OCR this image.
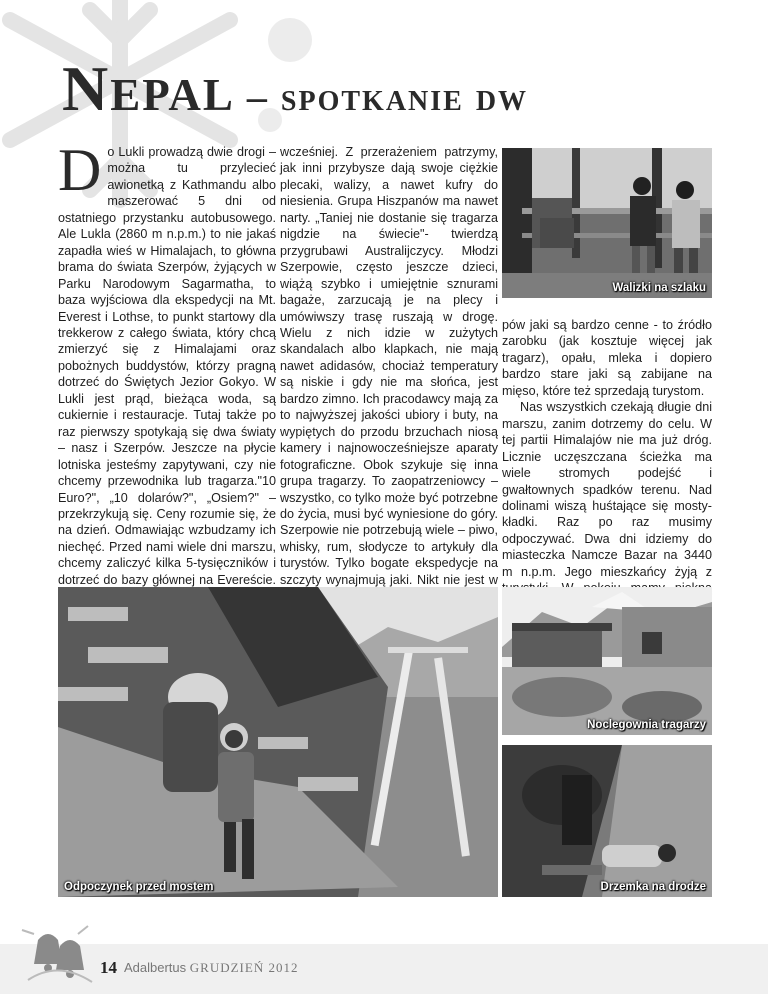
Nepal – spotkanie dw

Do Lukli prowadzą dwie drogi – można tu przylecieć awionetką z Kathmandu albo maszerować 5 dni od ostatniego przystanku autobusowego. Ale Lukla (2860 m n.p.m.) to nie jakaś zapadła wieś w Himalajach, to główna brama do świata Szerpów, żyjących w Parku Narodowym Sagarmatha, to baza wyjściowa dla ekspedycji na Mt. Everest i Lothse, to punkt startowy dla trekkerow z całego świata, który chcą zmierzyć się z Himalajami oraz pobożnych buddystów, którzy pragną dotrzeć do Świętych Jezior Gokyo. W Lukli jest prąd, bieżąca woda, są cukiernie i restauracje. Tutaj także po raz pierwszy spotykają się dwa światy – nasz i Szerpów. Jeszcze na płycie lotniska jesteśmy zapytywani, czy nie chcemy przewodnika lub tragarza."10 Euro?", „10 dolarów?", „Osiem?" – przekrzykują się. Ceny rozumie się, że na dzień. Odmawiając wzbudzamy ich niechęć. Przed nami wiele dni marszu, chcemy zaliczyć kilka 5-tysięczników i dotrzeć do bazy głównej na Evereście.

wcześniej. Z przerażeniem patrzymy, jak inni przybysze dają swoje ciężkie plecaki, walizy, a nawet kufry do niesienia. Grupa Hiszpanów ma nawet narty. „Taniej nie dostanie się tragarza nigdzie na świecie"- twierdzą przygrubawi Australijczycy. Młodzi Szerpowie, często jeszcze dzieci, wiążą szybko i umiejętnie sznurami bagaże, zarzucają je na plecy i umówiwszy trasę ruszają w drogę. Wielu z nich idzie w zużytych skandalach albo klapkach, nie mają nawet adidasów, chociaż temperatury są niskie i gdy nie ma słońca, jest bardzo zimno. Ich pracodawcy mają za to najwyższej jakości ubiory i buty, na wypiętych do przodu brzuchach niosą kamery i najnowocześniejsze aparaty fotograficzne. Obok szykuje się inna grupa tragarzy. To zaopatrzeniowcy – wszystko, co tylko może być potrzebne do życia, musi być wyniesione do góry. Szerpowie nie potrzebują wiele – piwo, whisky, rum, słodycze to artykuły dla turystów. Tylko bogate ekspedycje na szczyty wynajmują jaki. Nikt nie jest w

pów jaki są bardzo cenne - to źródło zarobku (jak kosztuje więcej jak tragarz), opału, mleka i dopiero bardzo stare jaki są zabijane na mięso, które też sprzedają turystom.

Nas wszystkich czekają długie dni marszu, zanim dotrzemy do celu. W tej partii Himalajów nie ma już dróg. Licznie uczęszczana ścieżka ma wiele stromych podejść i gwałtownych spadków terenu. Nad dolinami wiszą huśtające się mosty-kładki. Raz po raz musimy odpoczywać. Dwa dni idziemy do miasteczka Namcze Bazar na 3440 m n.p.m. Jego mieszkańcy żyją z

Walizki na szlaku
Noclegownia tragarzy
Odpoczynek przed mostem	Drzemka na drodze
14 Adalbertus GRUDZIEŃ 2012
